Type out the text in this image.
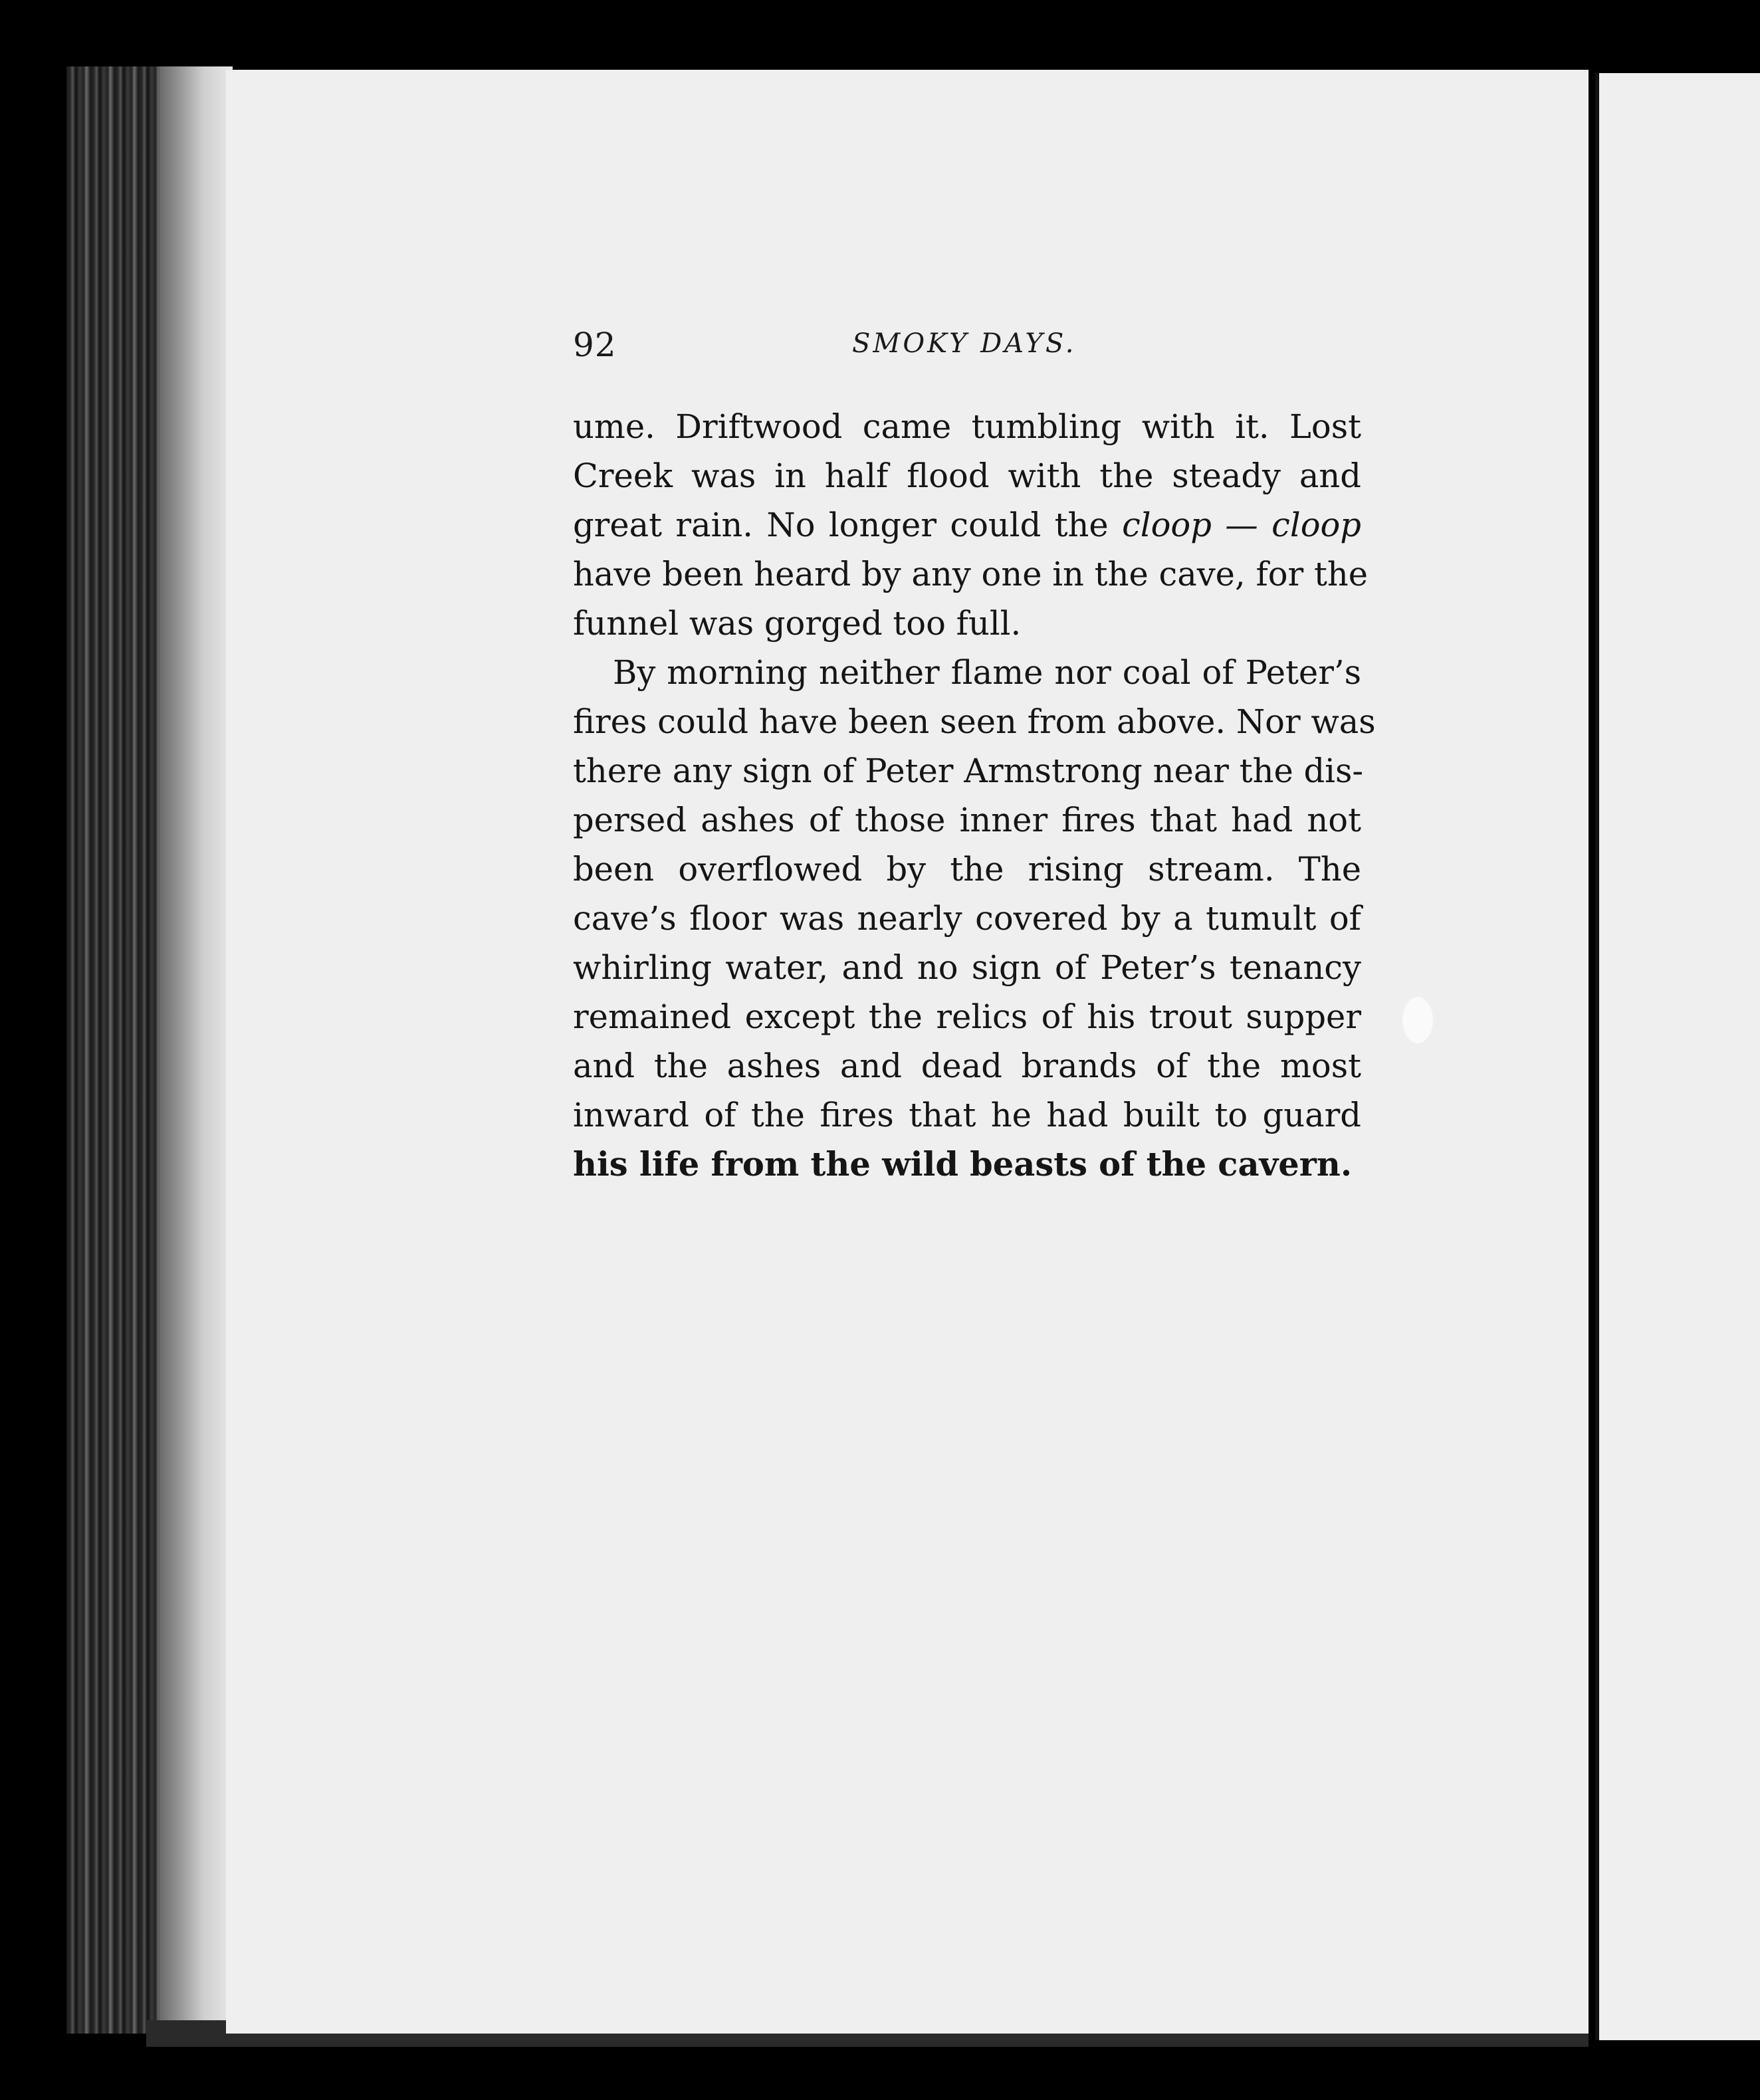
92	SMOKY DAYS.
ume. Driftwood came tumbling with it. Lost
Creek was in half flood with the steady and
great rain. No longer could the cloop — cloop
have been heard by any one in the cave, for the
funnel was gorged too full.
By morning neither flame nor coal of Peter’s
fires could have been seen from above. Nor was
there any sign of Peter Armstrong near the dis-
persed ashes of those inner fires that had not
been overflowed by the rising stream. The
cave’s floor was nearly covered by a tumult of
whirling water, and no sign of Peter’s tenancy
remained except the relics of his trout supper
and the ashes and dead brands of the most
inward of the fires that he had built to guard
his life from the wild beasts of the cavern.
